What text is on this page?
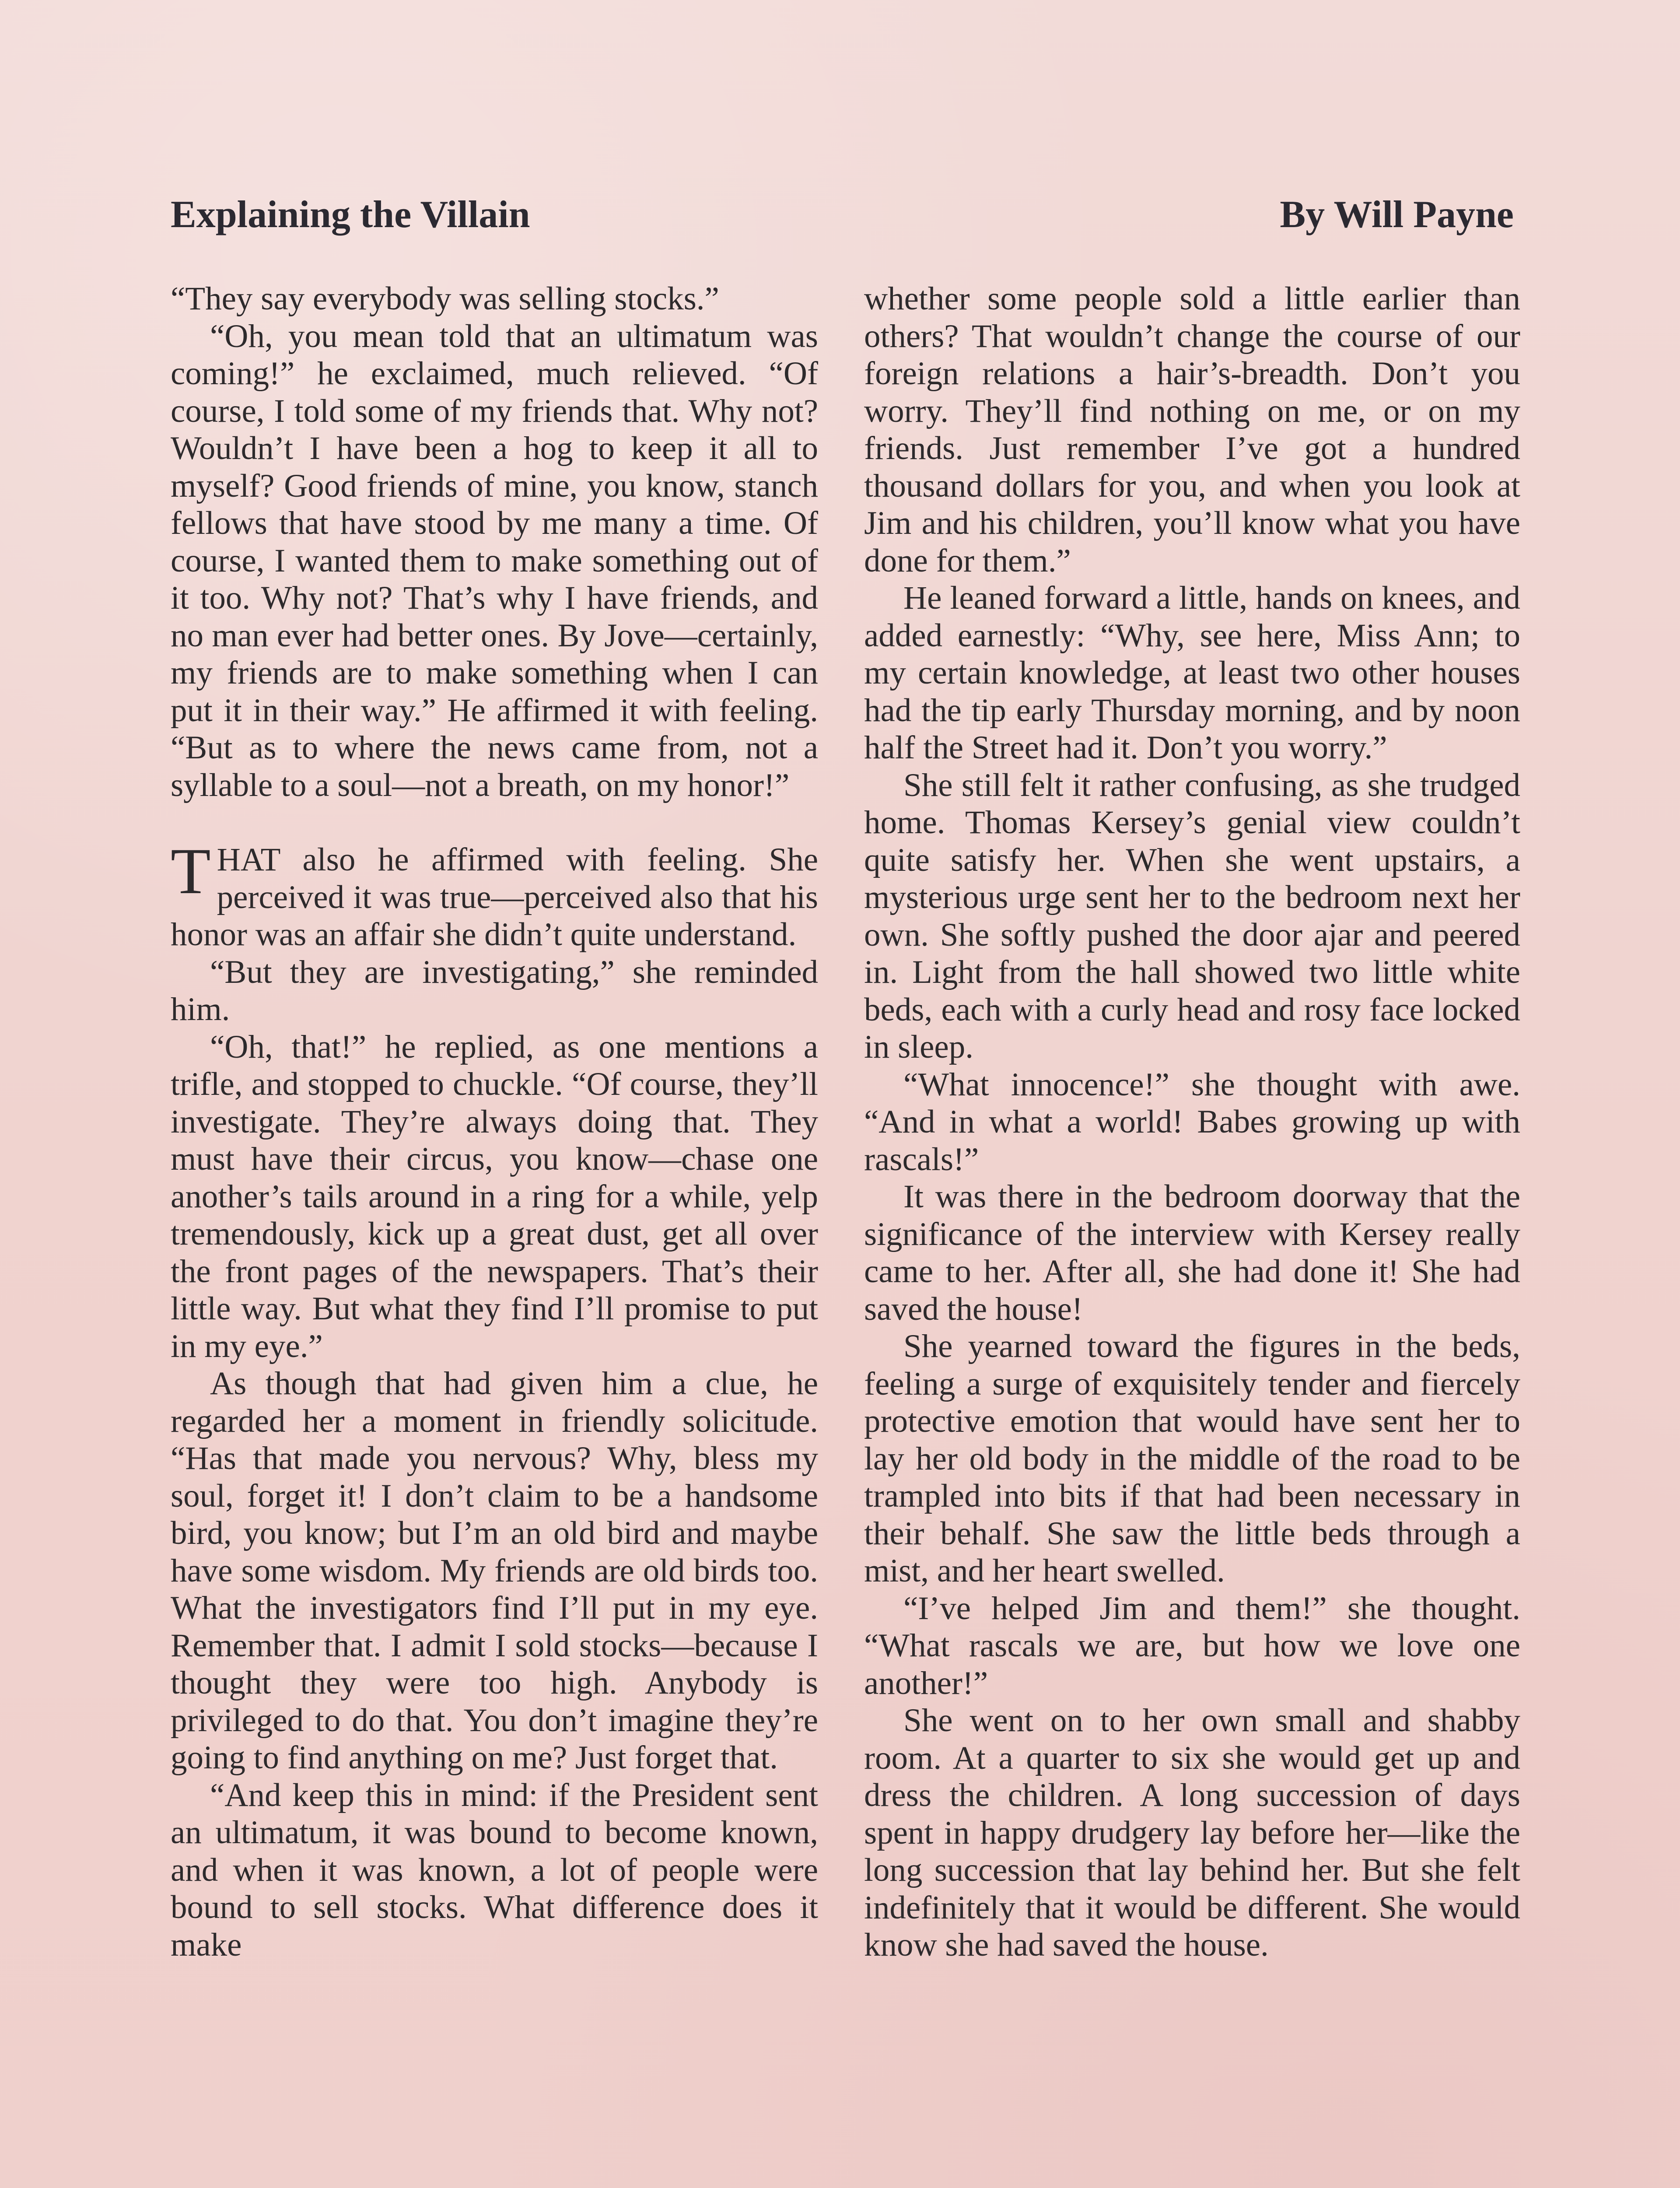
Explaining the Villain	By Will Payne

“They say everybody was selling stocks.”

“Oh, you mean told that an ultimatum was coming!” he exclaimed, much relieved. “Of course, I told some of my friends that. Why not? Wouldn’t I have been a hog to keep it all to myself? Good friends of mine, you know, stanch fellows that have stood by me many a time. Of course, I wanted them to make something out of it too. Why not? That’s why I have friends, and no man ever had better ones. By Jove—certainly, my friends are to make something when I can put it in their way.” He affirmed it with feeling. “But as to where the news came from, not a syllable to a soul—not a breath, on my honor!”

THAT also he affirmed with feeling. She perceived it was true—perceived also that his honor was an affair she didn’t quite understand.

“But they are investigating,” she reminded him.

“Oh, that!” he replied, as one mentions a trifle, and stopped to chuckle. “Of course, they’ll investigate. They’re always doing that. They must have their circus, you know—chase one another’s tails around in a ring for a while, yelp tremendously, kick up a great dust, get all over the front pages of the newspapers. That’s their little way. But what they find I’ll promise to put in my eye.”

As though that had given him a clue, he regarded her a moment in friendly solicitude. “Has that made you nervous? Why, bless my soul, forget it! I don’t claim to be a handsome bird, you know; but I’m an old bird and maybe have some wisdom. My friends are old birds too. What the investigators find I’ll put in my eye. Remember that. I admit I sold stocks—because I thought they were too high. Anybody is privileged to do that. You don’t imagine they’re going to find anything on me? Just forget that.

“And keep this in mind: if the President sent an ultimatum, it was bound to become known, and when it was known, a lot of people were bound to sell stocks. What difference does it make

whether some people sold a little earlier than others? That wouldn’t change the course of our foreign relations a hair’s-breadth. Don’t you worry. They’ll find nothing on me, or on my friends. Just remember I’ve got a hundred thousand dollars for you, and when you look at Jim and his children, you’ll know what you have done for them.”

He leaned forward a little, hands on knees, and added earnestly: “Why, see here, Miss Ann; to my certain knowledge, at least two other houses had the tip early Thursday morning, and by noon half the Street had it. Don’t you worry.”

She still felt it rather confusing, as she trudged home. Thomas Kersey’s genial view couldn’t quite satisfy her. When she went upstairs, a mysterious urge sent her to the bedroom next her own. She softly pushed the door ajar and peered in. Light from the hall showed two little white beds, each with a curly head and rosy face locked in sleep.

“What innocence!” she thought with awe. “And in what a world! Babes growing up with rascals!”

It was there in the bedroom doorway that the significance of the interview with Kersey really came to her. After all, she had done it! She had saved the house!

She yearned toward the figures in the beds, feeling a surge of exquisitely tender and fiercely protective emotion that would have sent her to lay her old body in the middle of the road to be trampled into bits if that had been necessary in their behalf. She saw the little beds through a mist, and her heart swelled.

“I’ve helped Jim and them!” she thought. “What rascals we are, but how we love one another!”

She went on to her own small and shabby room. At a quarter to six she would get up and dress the children. A long succession of days spent in happy drudgery lay before her—like the long succession that lay behind her. But she felt indefinitely that it would be different. She would know she had saved the house.
